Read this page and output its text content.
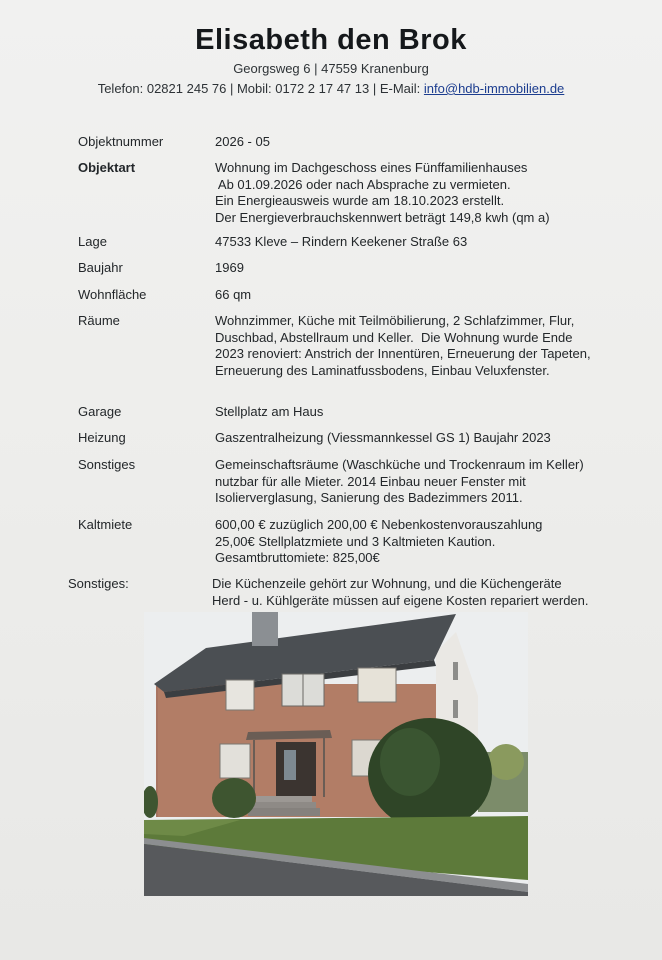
Elisabeth den Brok
Georgsweg 6 | 47559 Kranenburg
Telefon: 02821 245 76 | Mobil: 0172 2 17 47 13 | E-Mail: info@hdb-immobilien.de
Objektnummer	2026 - 05
Objektart	Wohnung im Dachgeschoss eines Fünffamilienhauses
Ab 01.09.2026 oder nach Absprache zu vermieten.
Ein Energieausweis wurde am 18.10.2023 erstellt.
Der Energieverbrauchskennwert beträgt 149,8 kwh (qm a)
Lage	47533 Kleve – Rindern Keekener Straße 63
Baujahr	1969
Wohnfläche	66 qm
Räume	Wohnzimmer, Küche mit Teilmöbilierung, 2 Schlafzimmer, Flur,
Duschbad, Abstellraum und Keller.  Die Wohnung wurde Ende
2023 renoviert: Anstrich der Innentüren, Erneuerung der Tapeten,
Erneuerung des Laminatfussbodens, Einbau Veluxfenster.
Garage	Stellplatz am Haus
Heizung	Gaszentralheizung (Viessmannkessel GS 1) Baujahr 2023
Sonstiges	Gemeinschaftsräume (Waschküche und Trockenraum im Keller)
nutzbar für alle Mieter. 2014 Einbau neuer Fenster mit
Isolierverglasung, Sanierung des Badezimmers 2011.
Kaltmiete	600,00 € zuzüglich 200,00 € Nebenkostenvorauszahlung
25,00€ Stellplatzmiete und 3 Kaltmieten Kaution.
Gesamtbruttomiete: 825,00€
Sonstiges:	Die Küchenzeile gehört zur Wohnung, und die Küchengeräte
Herd - u. Kühlgeräte müssen auf eigene Kosten repariert werden.
